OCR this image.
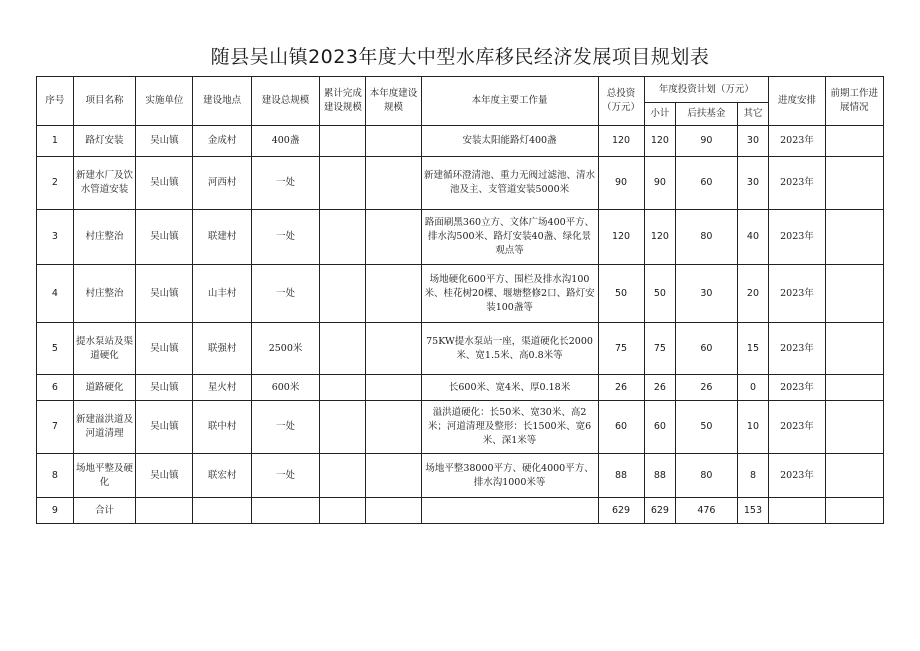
随县吴山镇2023年度大中型水库移民经济发展项目规划表
序号	项目名称	实施单位	建设地点	建设总规模	累计完成建设规模	本年度建设规模	本年度主要工作量	总投资（万元）	年度投资计划（万元）			进度安排	前期工作进展情况
									小计	后扶基金	其它		
1	路灯安装	吴山镇	金成村	400盏			安装太阳能路灯400盏	120	120	90	30	2023年	
2	新建水厂及饮水管道安装	吴山镇	河西村	一处			新建循环澄清池、重力无阀过滤池、清水池及主、支管道安装5000米	90	90	60	30	2023年	
3	村庄整治	吴山镇	联建村	一处			路面刷黑360立方、文体广场400平方、排水沟500米、路灯安装40盏、绿化景观点等	120	120	80	40	2023年	
4	村庄整治	吴山镇	山丰村	一处			场地硬化600平方、围栏及排水沟100米、桂花树20棵、堰塘整修2口、路灯安装100盏等	50	50	30	20	2023年	
5	提水泵站及渠道硬化	吴山镇	联强村	2500米			75KW提水泵站一座，渠道硬化长2000米、宽1.5米、高0.8米等	75	75	60	15	2023年	
6	道路硬化	吴山镇	星火村	600米			长600米、宽4米、厚0.18米	26	26	26	0	2023年	
7	新建溢洪道及河道清理	吴山镇	联中村	一处			溢洪道硬化：长50米、宽30米、高2米；河道清理及整形：长1500米、宽6米、深1米等	60	60	50	10	2023年	
8	场地平整及硬化	吴山镇	联宏村	一处			场地平整38000平方、硬化4000平方、排水沟1000米等	88	88	80	8	2023年	
9	合计							629	629	476	153		
